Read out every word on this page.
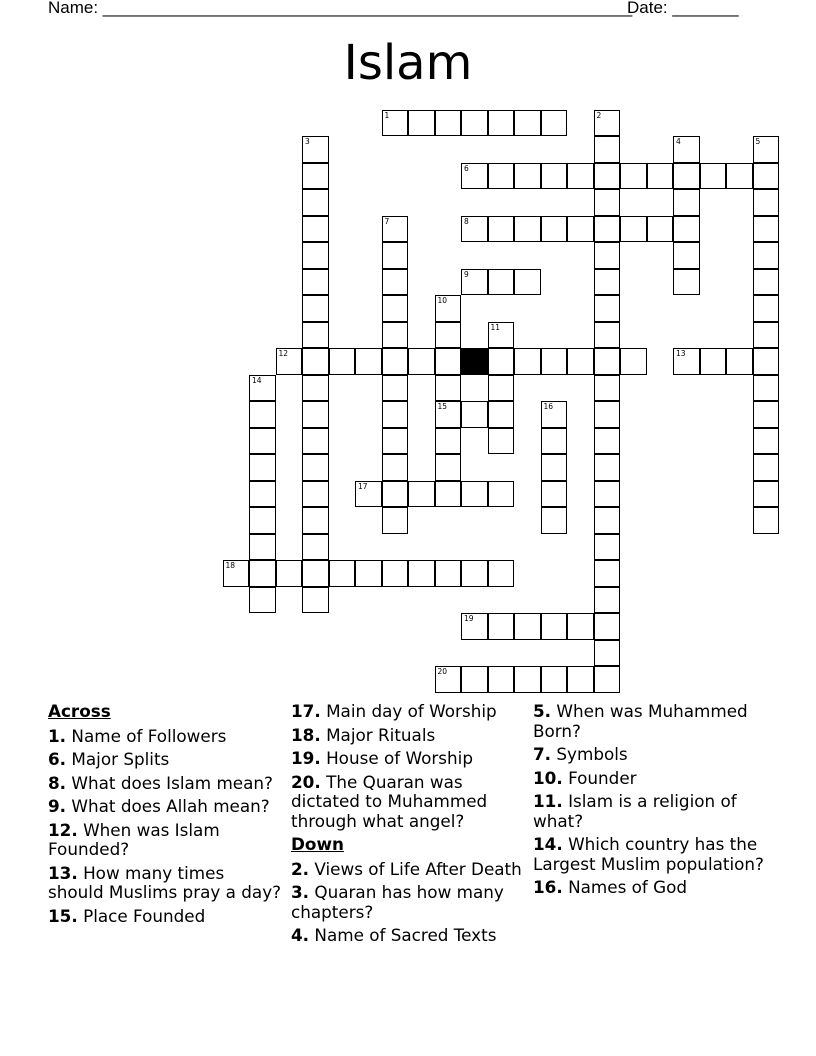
Name: ________________________________________________________
Date: _______
Islam
1	2
3	4	5
6
7	8
9
10
15
11
12	13
14
16
17
18
19
20
Across
1. Name of Followers
6. Major Splits
8. What does Islam mean?
9. What does Allah mean?
12. When was Islam Founded?
13. How many times should Muslims pray a day?
15. Place Founded
17. Main day of Worship
18. Major Rituals
19. House of Worship
20. The Quaran was dictated to Muhammed through what angel?
Down
2. Views of Life After Death
3. Quaran has how many chapters?
4. Name of Sacred Texts
5. When was Muhammed Born?
7. Symbols
10. Founder
11. Islam is a religion of what?
14. Which country has the Largest Muslim population?
16. Names of God
